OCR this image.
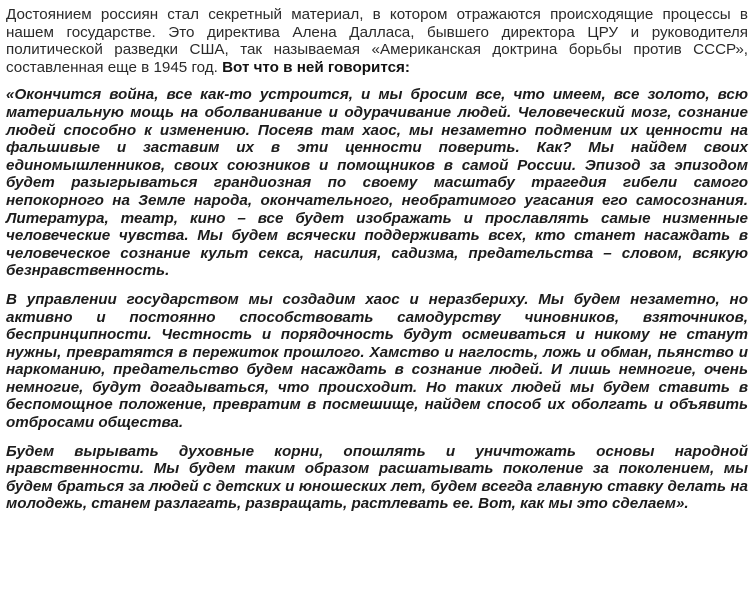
Достоянием россиян стал секретный материал, в котором отражаются происходящие процессы в нашем государстве. Это директива Алена Далласа, бывшего директора ЦРУ и руководителя политической разведки США, так называемая «Американская доктрина борьбы против СССР», составленная еще в 1945 год. Вот что в ней говорится:

«Окончится война, все как-то устроится, и мы бросим все, что имеем, все золото, всю материальную мощь на оболванивание и одурачивание людей. Человеческий мозг, сознание людей способно к изменению. Посеяв там хаос, мы незаметно подменим их ценности на фальшивые и заставим их в эти ценности поверить. Как? Мы найдем своих единомышленников, своих союзников и помощников в самой России. Эпизод за эпизодом будет разыгрываться грандиозная по своему масштабу трагедия гибели самого непокорного на Земле народа, окончательного, необратимого угасания его самосознания. Литература, театр, кино – все будет изображать и прославлять самые низменные человеческие чувства. Мы будем всячески поддерживать всех, кто станет насаждать в человеческое сознание культ секса, насилия, садизма, предательства – словом, всякую безнравственность.

В управлении государством мы создадим хаос и неразбериху. Мы будем незаметно, но активно и постоянно способствовать самодурству чиновников, взяточников, беспринципности. Честность и порядочность будут осмеиваться и никому не станут нужны, превратятся в пережиток прошлого. Хамство и наглость, ложь и обман, пьянство и наркоманию, предательство будем насаждать в сознание людей. И лишь немногие, очень немногие, будут догадываться, что происходит. Но таких людей мы будем ставить в беспомощное положение, превратим в посмешище, найдем способ их оболгать и объявить отбросами общества.

Будем вырывать духовные корни, опошлять и уничтожать основы народной нравственности. Мы будем таким образом расшатывать поколение за поколением, мы будем браться за людей с детских и юношеских лет, будем всегда главную ставку делать на молодежь, станем разлагать, развращать, растлевать ее. Вот, как мы это сделаем».
